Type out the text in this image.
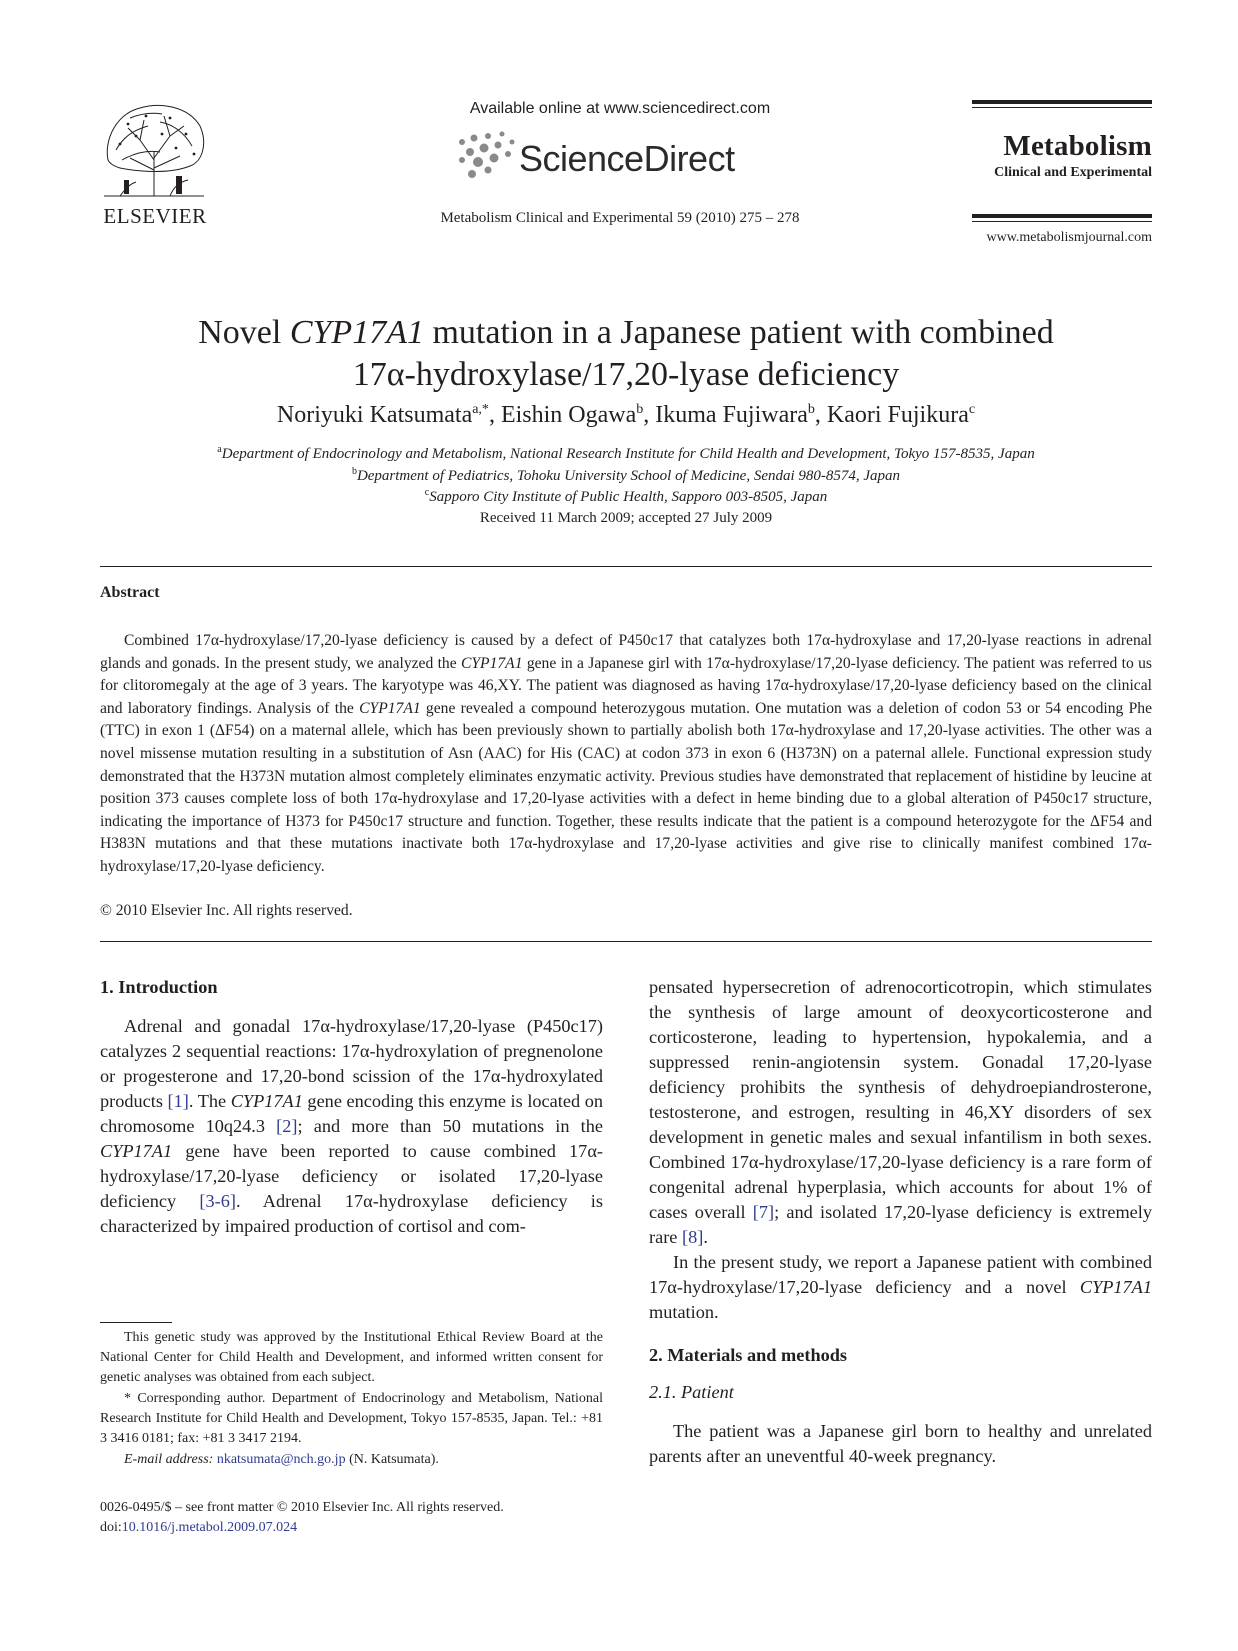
ELSEVIER
Available online at www.sciencedirect.com
ScienceDirect
Metabolism Clinical and Experimental 59 (2010) 275 – 278
Metabolism
Clinical and Experimental
www.metabolismjournal.com
Novel CYP17A1 mutation in a Japanese patient with combined
17α-hydroxylase/17,20-lyase deficiency
Noriyuki Katsumata$^{a,*}$, Eishin Ogawa$^b$, Ikuma Fujiwara$^b$, Kaori Fujikura$^c$
$^a$Department of Endocrinology and Metabolism, National Research Institute for Child Health and Development, Tokyo 157-8535, Japan
$^b$Department of Pediatrics, Tohoku University School of Medicine, Sendai 980-8574, Japan
$^c$Sapporo City Institute of Public Health, Sapporo 003-8505, Japan
Received 11 March 2009; accepted 27 July 2009
Abstract
Combined 17α-hydroxylase/17,20-lyase deficiency is caused by a defect of P450c17 that catalyzes both 17α-hydroxylase and 17,20-lyase reactions in adrenal glands and gonads. In the present study, we analyzed the CYP17A1 gene in a Japanese girl with 17α-hydroxylase/17,20-lyase deficiency. The patient was referred to us for clitoromegaly at the age of 3 years. The karyotype was 46,XY. The patient was diagnosed as having 17α-hydroxylase/17,20-lyase deficiency based on the clinical and laboratory findings. Analysis of the CYP17A1 gene revealed a compound heterozygous mutation. One mutation was a deletion of codon 53 or 54 encoding Phe (TTC) in exon 1 (ΔF54) on a maternal allele, which has been previously shown to partially abolish both 17α-hydroxylase and 17,20-lyase activities. The other was a novel missense mutation resulting in a substitution of Asn (AAC) for His (CAC) at codon 373 in exon 6 (H373N) on a paternal allele. Functional expression study demonstrated that the H373N mutation almost completely eliminates enzymatic activity. Previous studies have demonstrated that replacement of histidine by leucine at position 373 causes complete loss of both 17α-hydroxylase and 17,20-lyase activities with a defect in heme binding due to a global alteration of P450c17 structure, indicating the importance of H373 for P450c17 structure and function. Together, these results indicate that the patient is a compound heterozygote for the ΔF54 and H383N mutations and that these mutations inactivate both 17α-hydroxylase and 17,20-lyase activities and give rise to clinically manifest combined 17α-hydroxylase/17,20-lyase deficiency.
© 2010 Elsevier Inc. All rights reserved.
1. Introduction
Adrenal and gonadal 17α-hydroxylase/17,20-lyase (P450c17) catalyzes 2 sequential reactions: 17α-hydroxylation of pregnenolone or progesterone and 17,20-bond scission of the 17α-hydroxylated products [1]. The CYP17A1 gene encoding this enzyme is located on chromosome 10q24.3 [2]; and more than 50 mutations in the CYP17A1 gene have been reported to cause combined 17α-hydroxylase/17,20-lyase deficiency or isolated 17,20-lyase deficiency [3-6]. Adrenal 17α-hydroxylase deficiency is characterized by impaired production of cortisol and com-
This genetic study was approved by the Institutional Ethical Review Board at the National Center for Child Health and Development, and informed written consent for genetic analyses was obtained from each subject.
* Corresponding author. Department of Endocrinology and Metabolism, National Research Institute for Child Health and Development, Tokyo 157-8535, Japan. Tel.: +81 3 3416 0181; fax: +81 3 3417 2194.
E-mail address: nkatsumata@nch.go.jp (N. Katsumata).
0026-0495/$ – see front matter © 2010 Elsevier Inc. All rights reserved.
doi:10.1016/j.metabol.2009.07.024
pensated hypersecretion of adrenocorticotropin, which stimulates the synthesis of large amount of deoxycorticosterone and corticosterone, leading to hypertension, hypokalemia, and a suppressed renin-angiotensin system. Gonadal 17,20-lyase deficiency prohibits the synthesis of dehydroepiandrosterone, testosterone, and estrogen, resulting in 46,XY disorders of sex development in genetic males and sexual infantilism in both sexes. Combined 17α-hydroxylase/17,20-lyase deficiency is a rare form of congenital adrenal hyperplasia, which accounts for about 1% of cases overall [7]; and isolated 17,20-lyase deficiency is extremely rare [8].
In the present study, we report a Japanese patient with combined 17α-hydroxylase/17,20-lyase deficiency and a novel CYP17A1 mutation.
2. Materials and methods
2.1. Patient
The patient was a Japanese girl born to healthy and unrelated parents after an uneventful 40-week pregnancy.
